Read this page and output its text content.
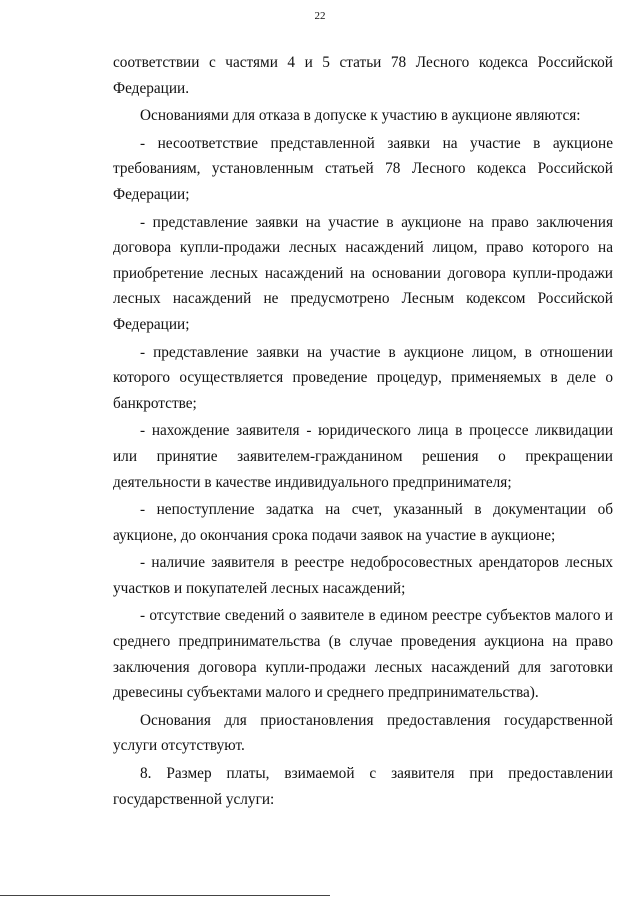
22

соответствии с частями 4 и 5 статьи 78 Лесного кодекса Российской Федерации.

Основаниями для отказа в допуске к участию в аукционе являются:

- несоответствие представленной заявки на участие в аукционе требованиям, установленным статьей 78 Лесного кодекса Российской Федерации;

- представление заявки на участие в аукционе на право заключения договора купли-продажи лесных насаждений лицом, право которого на приобретение лесных насаждений на основании договора купли-продажи лесных насаждений не предусмотрено Лесным кодексом Российской Федерации;

- представление заявки на участие в аукционе лицом, в отношении которого осуществляется проведение процедур, применяемых в деле о банкротстве;

- нахождение заявителя - юридического лица в процессе ликвидации или принятие заявителем-гражданином решения о прекращении деятельности в качестве индивидуального предпринимателя;

- непоступление задатка на счет, указанный в документации об аукционе, до окончания срока подачи заявок на участие в аукционе;

- наличие заявителя в реестре недобросовестных арендаторов лесных участков и покупателей лесных насаждений;

- отсутствие сведений о заявителе в едином реестре субъектов малого и среднего предпринимательства (в случае проведения аукциона на право заключения договора купли-продажи лесных насаждений для заготовки древесины субъектами малого и среднего предпринимательства).

Основания для приостановления предоставления государственной услуги отсутствуют.

8. Размер платы, взимаемой с заявителя при предоставлении государственной услуги:
